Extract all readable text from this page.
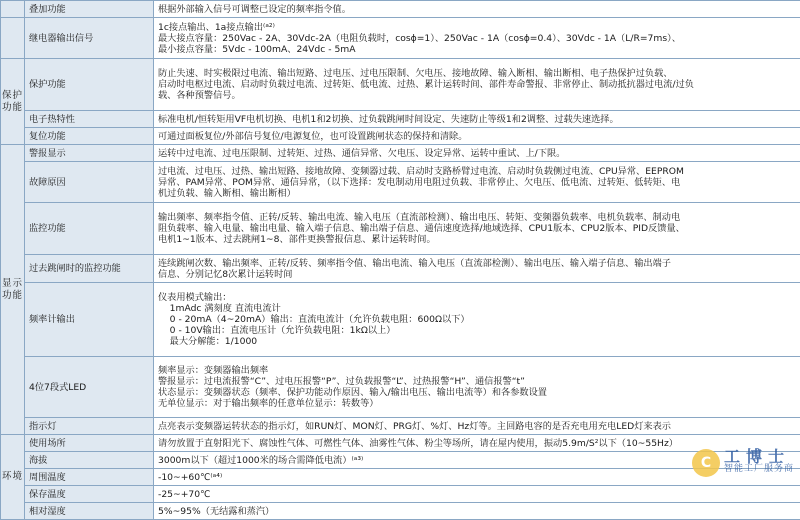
	叠加功能	根据外部输入信号可调整已设定的频率指令值。

	继电器输出信号	1c接点输出、1a接点输出⁽ᵃ²⁾
最大接点容量：250Vac - 2A、30Vdc-2A（电阻负载时，cosϕ=1）、250Vac - 1A（cosϕ=0.4）、30Vdc - 1A（L/R=7ms）、
最小接点容量：5Vdc - 100mA、24Vdc - 5mA

保护功能	保护功能	防止失速、时实极限过电流、输出短路、过电压、过电压限制、欠电压、接地故障、输入断相、输出断相、电子热保护过负载、
启动时电枢过电流、启动时负载过电流、过转矩、低电流、过热、累计运转时间、部件寿命警报、非常停止、制动抵抗器过电流/过负
载、各种预警信号。

	电子热特性	标准电机/恒转矩用VF电机切换、电机1和2切换、过负载跳闸时间设定、失速防止等级1和2调整、过载失速选择。

	复位功能	可通过面板复位/外部信号复位/电源复位，也可设置跳闸状态的保持和清除。

显示功能	警报显示	运转中过电流、过电压限制、过转矩、过热、通信异常、欠电压、设定异常、运转中重试、上/下限。

	故障原因	过电流、过电压、过热、输出短路、接地故障、变频器过载、启动时支路桥臂过电流、启动时负载侧过电流、CPU异常、EEPROM
异常、PAM异常、POM异常、通信异常，（以下选择：发电制动用电阻过负载、非常停止、欠电压、低电流、过转矩、低转矩、电
机过负载、输入断相、输出断相）

	监控功能	输出频率、频率指令值、正转/反转、输出电流、输入电压（直流部检测）、输出电压、转矩、变频器负载率、电机负载率、制动电
阻负载率、输入电量、输出电量、输入端子信息、输出端子信息、通信速度选择/地域选择、CPU1版本、CPU2版本、PID反馈量、
电机1~1版本、过去跳闸1~8、部件更换警报信息、累计运转时间。

	过去跳闸时的监控功能	连续跳闸次数、输出频率、正转/反转、频率指令值、输出电流、输入电压（直流部检测）、输出电压、输入端子信息、输出端子
信息、分别记忆8次累计运转时间

	频率计输出	仪表用模式输出：
1mAdc 满刻度 直流电流计
0 - 20mA（4~20mA）输出：直流电流计（允许负载电阻：600Ω以下）
0 - 10V输出：直流电压计（允许负载电阻：1kΩ以上）
最大分解能：1/1000

	4位7段式LED	频率显示：变频器输出频率
警报显示：过电流报警“C”、过电压报警“P”、过负载报警“L”、过热报警“H”、通信报警“t”
状态显示：变频器状态（频率、保护功能动作原因、输入/输出电压、输出电流等）和各参数设置
无单位显示：对于输出频率的任意单位显示：转数等）

	指示灯	点亮表示变频器运转状态的指示灯，如RUN灯、MON灯、PRG灯、%灯、Hz灯等。主回路电容的是否充电用充电LED灯来表示

环境	使用场所	请勿放置于直射阳光下、腐蚀性气体、可燃性气体、油雾性气体、粉尘等场所，请在屋内使用，振动5.9m/S²以下（10~55Hz）

	海拔	3000m以下（超过1000米的场合需降低电流）⁽ᵃ³⁾

	周围温度	-10~+60℃⁽ᵃ⁴⁾

	保存温度	-25~+70℃

	相对湿度	5%~95%（无结露和蒸汽）
C 工博士
智能工厂服务商
